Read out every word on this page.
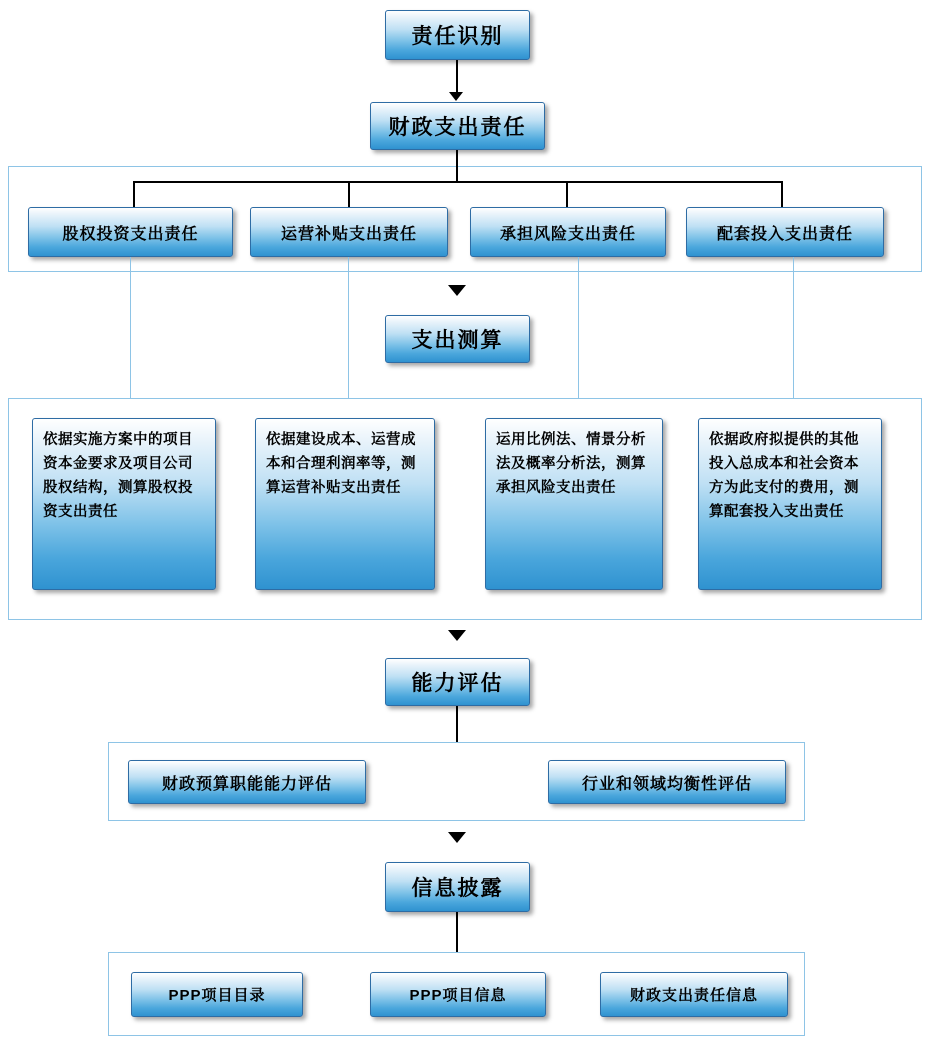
责任识别
财政支出责任
股权投资支出责任	运营补贴支出责任	承担风险支出责任	配套投入支出责任
支出测算
依据实施方案中的项目资本金要求及项目公司股权结构，测算股权投资支出责任
依据建设成本、运营成本和合理利润率等，测算运营补贴支出责任
运用比例法、情景分析法及概率分析法，测算承担风险支出责任
依据政府拟提供的其他投入总成本和社会资本方为此支付的费用，测算配套投入支出责任
能力评估
财政预算职能能力评估	行业和领域均衡性评估
信息披露
PPP项目目录	PPP项目信息	财政支出责任信息
